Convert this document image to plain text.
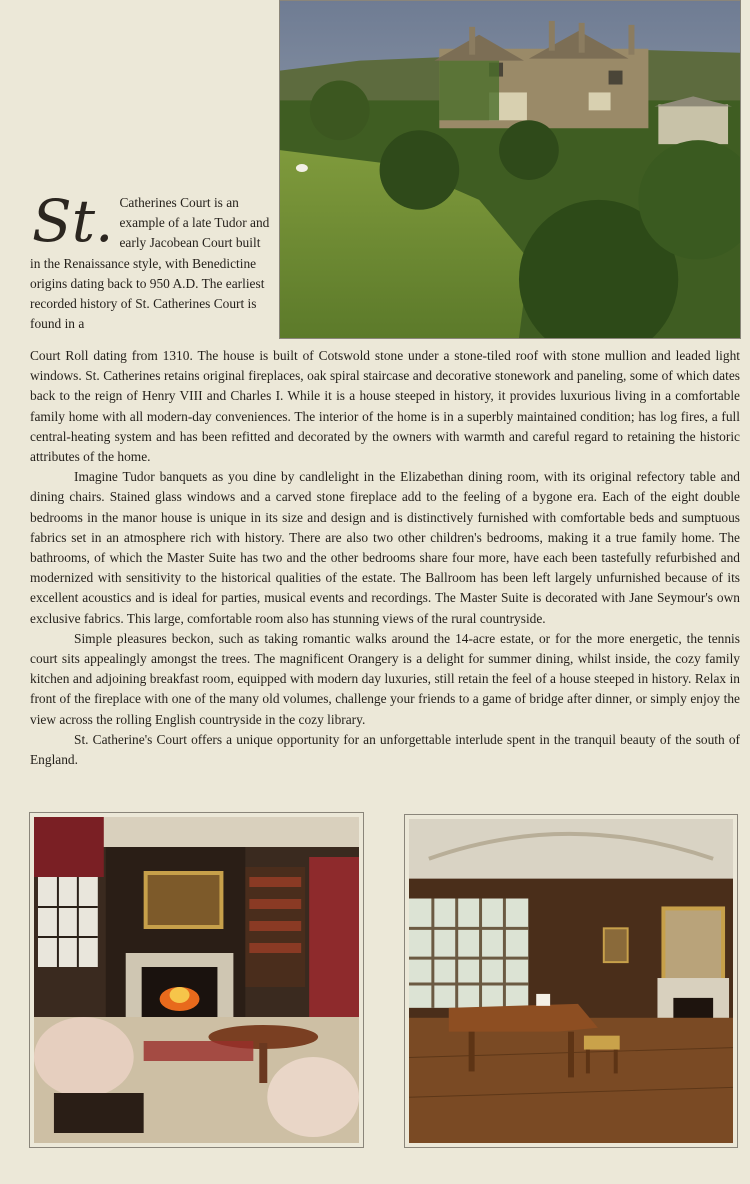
St. Catherines Court is an example of a late Tudor and early Jacobean Court built in the Renaissance style, with Benedictine origins dating back to 950 A.D. The earliest recorded history of St. Catherines Court is found in a

Court Roll dating from 1310. The house is built of Cotswold stone under a stone-tiled roof with stone mullion and leaded light windows. St. Catherines retains original fireplaces, oak spiral staircase and decorative stonework and paneling, some of which dates back to the reign of Henry VIII and Charles I. While it is a house steeped in history, it provides luxurious living in a comfortable family home with all modern-day conveniences. The interior of the home is in a superbly maintained condition; has log fires, a full central-heating system and has been refitted and decorated by the owners with warmth and careful regard to retaining the historic attributes of the home.

Imagine Tudor banquets as you dine by candlelight in the Elizabethan dining room, with its original refectory table and dining chairs. Stained glass windows and a carved stone fireplace add to the feeling of a bygone era. Each of the eight double bedrooms in the manor house is unique in its size and design and is distinctively furnished with comfortable beds and sumptuous fabrics set in an atmosphere rich with history. There are also two other children's bedrooms, making it a true family home. The bathrooms, of which the Master Suite has two and the other bedrooms share four more, have each been tastefully refurbished and modernized with sensitivity to the historical qualities of the estate. The Ballroom has been left largely unfurnished because of its excellent acoustics and is ideal for parties, musical events and recordings. The Master Suite is decorated with Jane Seymour's own exclusive fabrics. This large, comfortable room also has stunning views of the rural countryside.

Simple pleasures beckon, such as taking romantic walks around the 14-acre estate, or for the more energetic, the tennis court sits appealingly amongst the trees. The magnificent Orangery is a delight for summer dining, whilst inside, the cozy family kitchen and adjoining breakfast room, equipped with modern day luxuries, still retain the feel of a house steeped in history. Relax in front of the fireplace with one of the many old volumes, challenge your friends to a game of bridge after dinner, or simply enjoy the view across the rolling English countryside in the cozy library.

St. Catherine's Court offers a unique opportunity for an unforgettable interlude spent in the tranquil beauty of the south of England.
